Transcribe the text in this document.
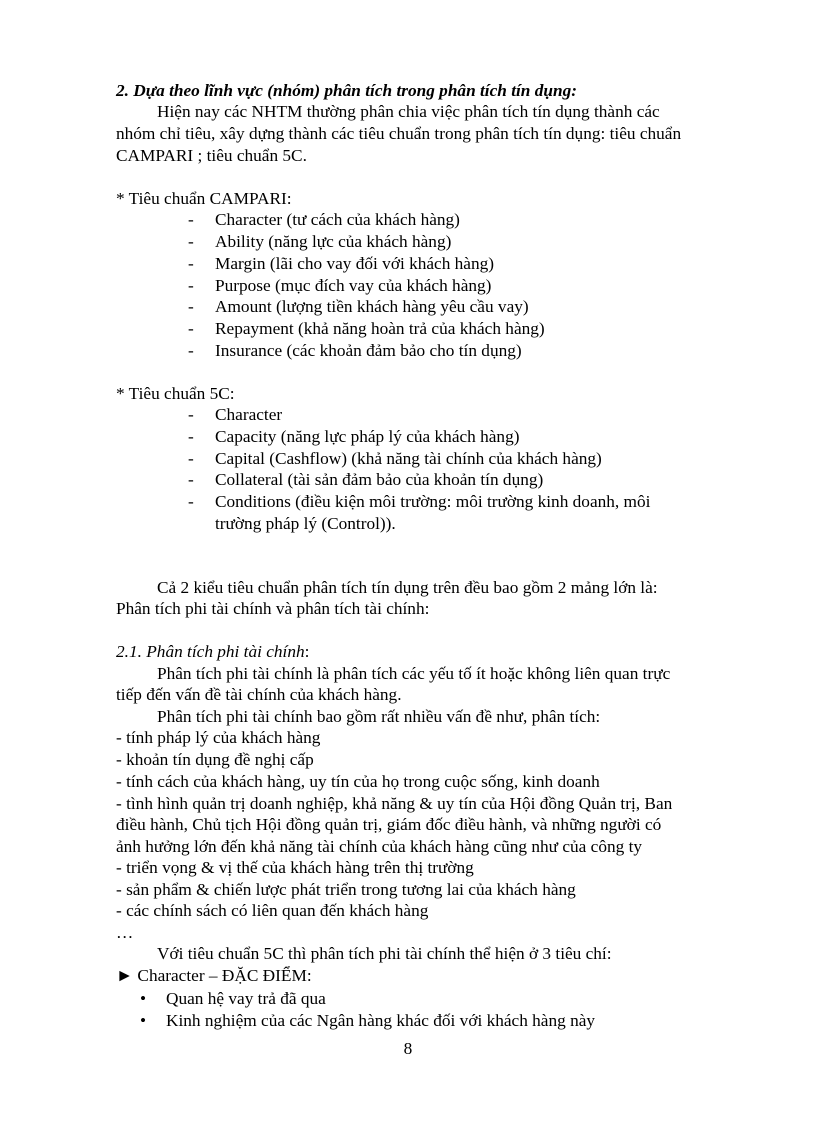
2. Dựa theo lĩnh vực (nhóm) phân tích trong phân tích tín dụng:
Hiện nay các NHTM thường phân chia việc phân tích tín dụng thành các
nhóm chỉ tiêu, xây dựng thành các tiêu chuẩn trong phân tích tín dụng: tiêu chuẩn
CAMPARI ; tiêu chuẩn 5C.
* Tiêu chuẩn CAMPARI:
- Character (tư cách của khách hàng)
- Ability (năng lực của khách hàng)
- Margin (lãi cho vay đối với khách hàng)
- Purpose (mục đích vay của khách hàng)
- Amount (lượng tiền khách hàng yêu cầu vay)
- Repayment (khả năng hoàn trả của khách hàng)
- Insurance (các khoản đảm bảo cho tín dụng)
* Tiêu chuẩn 5C:
- Character
- Capacity (năng lực pháp lý của khách hàng)
- Capital (Cashflow) (khả năng tài chính của khách hàng)
- Collateral (tài sản đảm bảo của khoản tín dụng)
- Conditions (điều kiện môi trường: môi trường kinh doanh, môi
trường pháp lý (Control)).
Cả 2 kiểu tiêu chuẩn phân tích tín dụng trên đều bao gồm 2 mảng lớn là:
Phân tích phi tài chính và phân tích tài chính:
2.1. Phân tích phi tài chính:
Phân tích phi tài chính là phân tích các yếu tố ít hoặc không liên quan trực
tiếp đến vấn đề tài chính của khách hàng.
Phân tích phi tài chính bao gồm rất nhiều vấn đề như, phân tích:
- tính pháp lý của khách hàng
- khoản tín dụng đề nghị cấp
- tính cách của khách hàng, uy tín của họ trong cuộc sống, kinh doanh
- tình hình quản trị doanh nghiệp, khả năng & uy tín của Hội đồng Quản trị, Ban
điều hành, Chủ tịch Hội đồng quản trị, giám đốc điều hành, và những người có
ảnh hưởng lớn đến khả năng tài chính của khách hàng cũng như của công ty
- triển vọng & vị thế của khách hàng trên thị trường
- sản phẩm & chiến lược phát triển trong tương lai của khách hàng
- các chính sách có liên quan đến khách hàng
…
Với tiêu chuẩn 5C thì phân tích phi tài chính thể hiện ở 3 tiêu chí:
► Character – ĐẶC ĐIỂM:
• Quan hệ vay trả đã qua
• Kinh nghiệm của các Ngân hàng khác đối với khách hàng này
8
